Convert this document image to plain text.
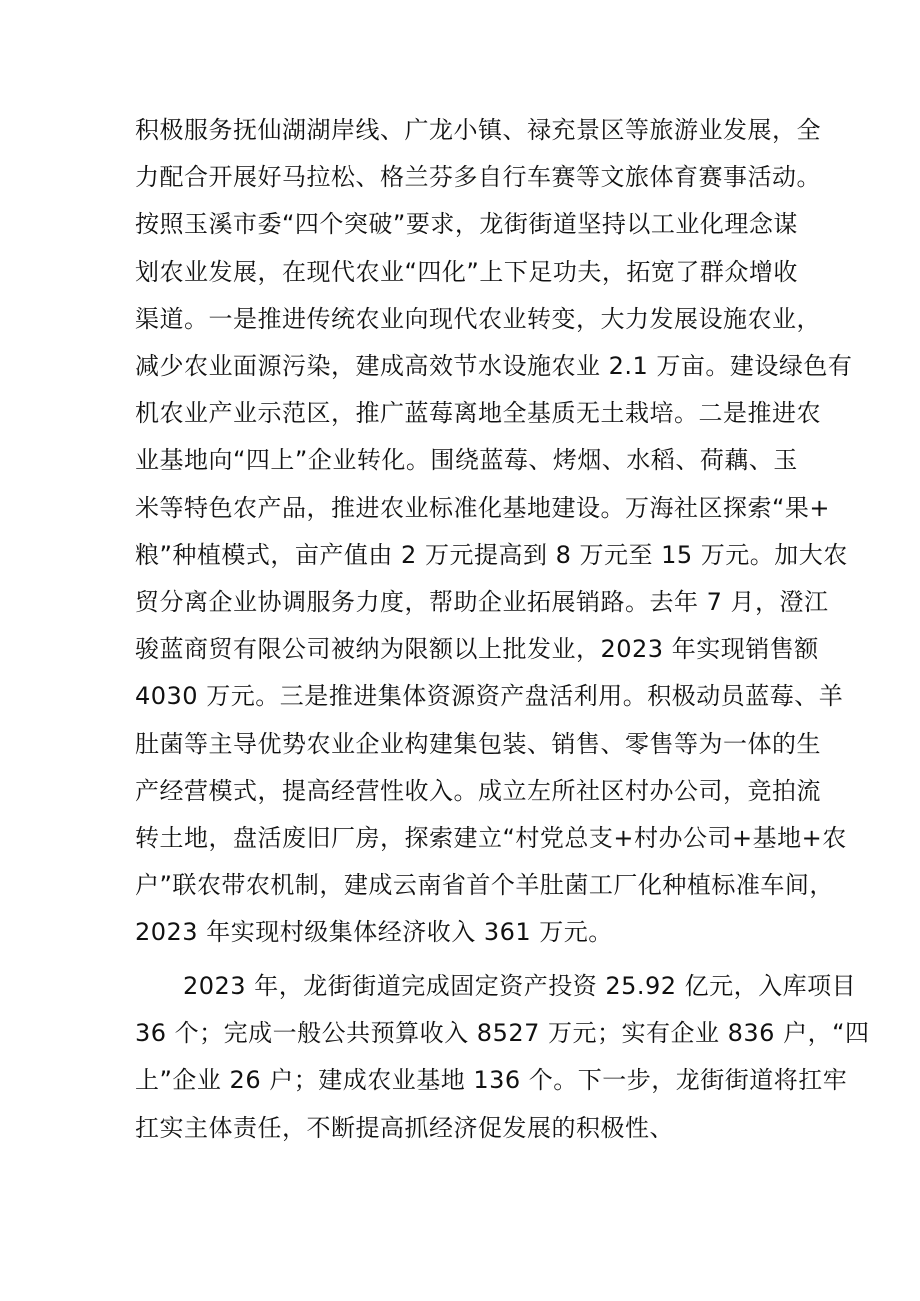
积极服务抚仙湖湖岸线、广龙小镇、禄充景区等旅游业发展，全
力配合开展好马拉松、格兰芬多自行车赛等文旅体育赛事活动。
按照玉溪市委“四个突破”要求，龙街街道坚持以工业化理念谋
划农业发展，在现代农业“四化”上下足功夫，拓宽了群众增收
渠道。一是推进传统农业向现代农业转变，大力发展设施农业，
减少农业面源污染，建成高效节水设施农业 2.1 万亩。建设绿色有
机农业产业示范区，推广蓝莓离地全基质无土栽培。二是推进农
业基地向“四上”企业转化。围绕蓝莓、烤烟、水稻、荷藕、玉
米等特色农产品，推进农业标准化基地建设。万海社区探索“果+
粮”种植模式，亩产值由 2 万元提高到 8 万元至 15 万元。加大农
贸分离企业协调服务力度，帮助企业拓展销路。去年 7 月，澄江
骏蓝商贸有限公司被纳为限额以上批发业，2023 年实现销售额
4030 万元。三是推进集体资源资产盘活利用。积极动员蓝莓、羊
肚菌等主导优势农业企业构建集包装、销售、零售等为一体的生
产经营模式，提高经营性收入。成立左所社区村办公司，竞拍流
转土地，盘活废旧厂房，探索建立“村党总支+村办公司+基地+农
户”联农带农机制，建成云南省首个羊肚菌工厂化种植标准车间，
2023 年实现村级集体经济收入 361 万元。
2023 年，龙街街道完成固定资产投资 25.92 亿元，入库项目
36 个；完成一般公共预算收入 8527 万元；实有企业 836 户，“四
上”企业 26 户；建成农业基地 136 个。下一步，龙街街道将扛牢
扛实主体责任，不断提高抓经济促发展的积极性、
